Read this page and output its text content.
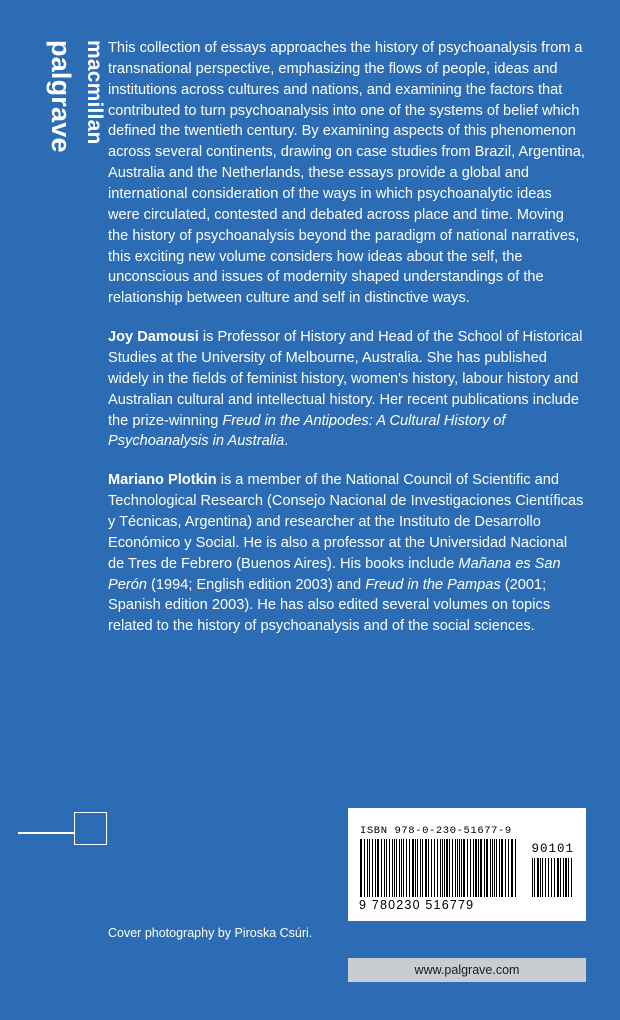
palgrave macmillan This collection of essays approaches the history of psychoanalysis from a transnational perspective, emphasizing the flows of people, ideas and institutions across cultures and nations, and examining the factors that contributed to turn psychoanalysis into one of the systems of belief which defined the twentieth century. By examining aspects of this phenomenon across several continents, drawing on case studies from Brazil, Argentina, Australia and the Netherlands, these essays provide a global and international consideration of the ways in which psychoanalytic ideas were circulated, contested and debated across place and time. Moving the history of psychoanalysis beyond the paradigm of national narratives, this exciting new volume considers how ideas about the self, the unconscious and issues of modernity shaped understandings of the relationship between culture and self in distinctive ways.

Joy Damousi is Professor of History and Head of the School of Historical Studies at the University of Melbourne, Australia. She has published widely in the fields of feminist history, women's history, labour history and Australian cultural and intellectual history. Her recent publications include the prize-winning Freud in the Antipodes: A Cultural History of Psychoanalysis in Australia.

Mariano Plotkin is a member of the National Council of Scientific and Technological Research (Consejo Nacional de Investigaciones Científicas y Técnicas, Argentina) and researcher at the Instituto de Desarrollo Económico y Social. He is also a professor at the Universidad Nacional de Tres de Febrero (Buenos Aires). His books include Mañana es San Perón (1994; English edition 2003) and Freud in the Pampas (2001; Spanish edition 2003). He has also edited several volumes on topics related to the history of psychoanalysis and of the social sciences.

Cover photography by Piroska Csúri.
ISBN 978-0-230-51677-9
90101
9 780230 516779
www.palgrave.com
